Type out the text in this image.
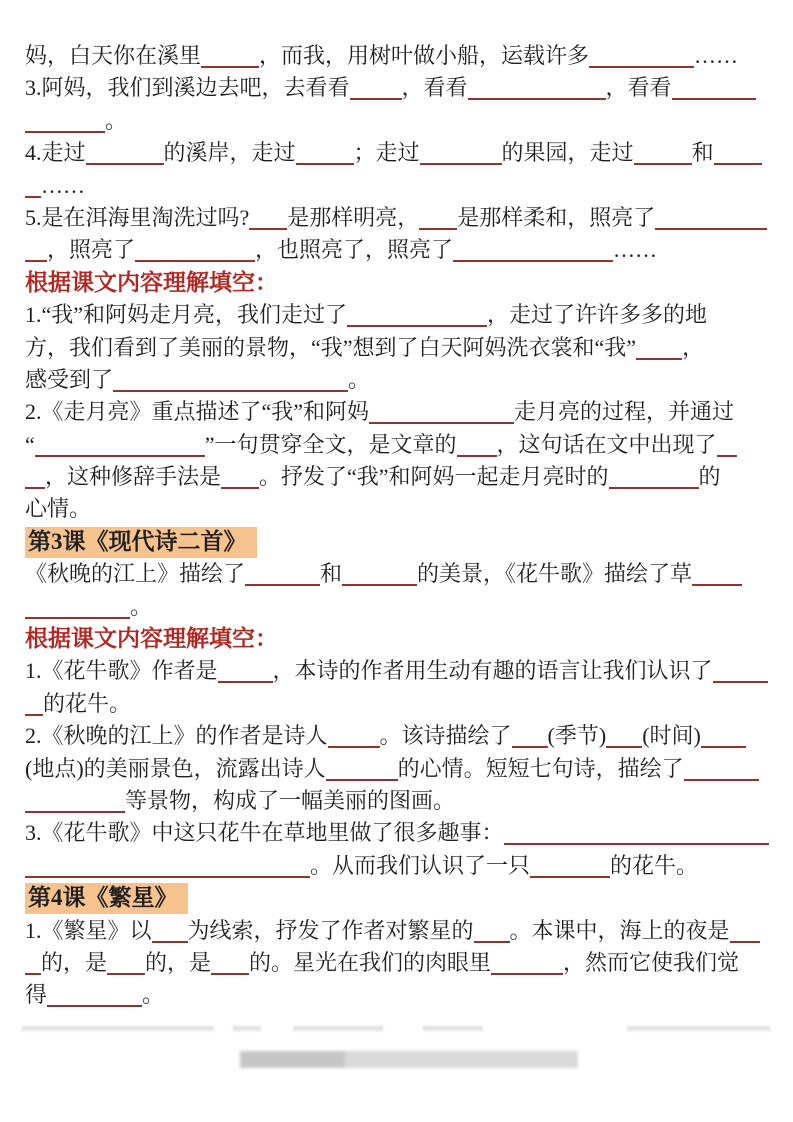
妈，白天你在溪里	，而我，用树叶做小船，运载许多	……
3.阿妈，我们到溪边去吧，去看看 ，看看	，看看
。
4.走过	的溪岸，走过	；走过	的果园，走过	和
……
5.是在洱海里淘洗过吗? 是那样明亮， 是那样柔和，照亮了
，照亮了	，也照亮了，照亮了	……
根据课文内容理解填空：
1.“我”和阿妈走月亮，我们走过了	，走过了许许多多的地
方，我们看到了美丽的景物，“我”想到了白天阿妈洗衣裳和“我” ，
感受到了	。
2.《走月亮》重点描述了“我”和阿妈	走月亮的过程，并通过
“	”一句贯穿全文，是文章的 ，这句话在文中出现了
，这种修辞手法是 。抒发了“我”和阿妈一起走月亮时的	的
心情。
第3课《现代诗二首》
《秋晚的江上》描绘了	和	的美景，《花牛歌》描绘了草
。
根据课文内容理解填空：
1.《花牛歌》作者是	，本诗的作者用生动有趣的语言让我们认识了
的花牛。
2.《秋晚的江上》的作者是诗人 。该诗描绘了 (季节) (时间)
(地点)的美丽景色，流露出诗人	的心情。短短七句诗，描绘了
等景物，构成了一幅美丽的图画。
3.《花牛歌》中这只花牛在草地里做了很多趣事：
。从而我们认识了一只	的花牛。
第4课《繁星》
1.《繁星》以 为线索，抒发了作者对繁星的 。本课中，海上的夜是
的，是 的，是 的。星光在我们的肉眼里	，然而它使我们觉
得	。
